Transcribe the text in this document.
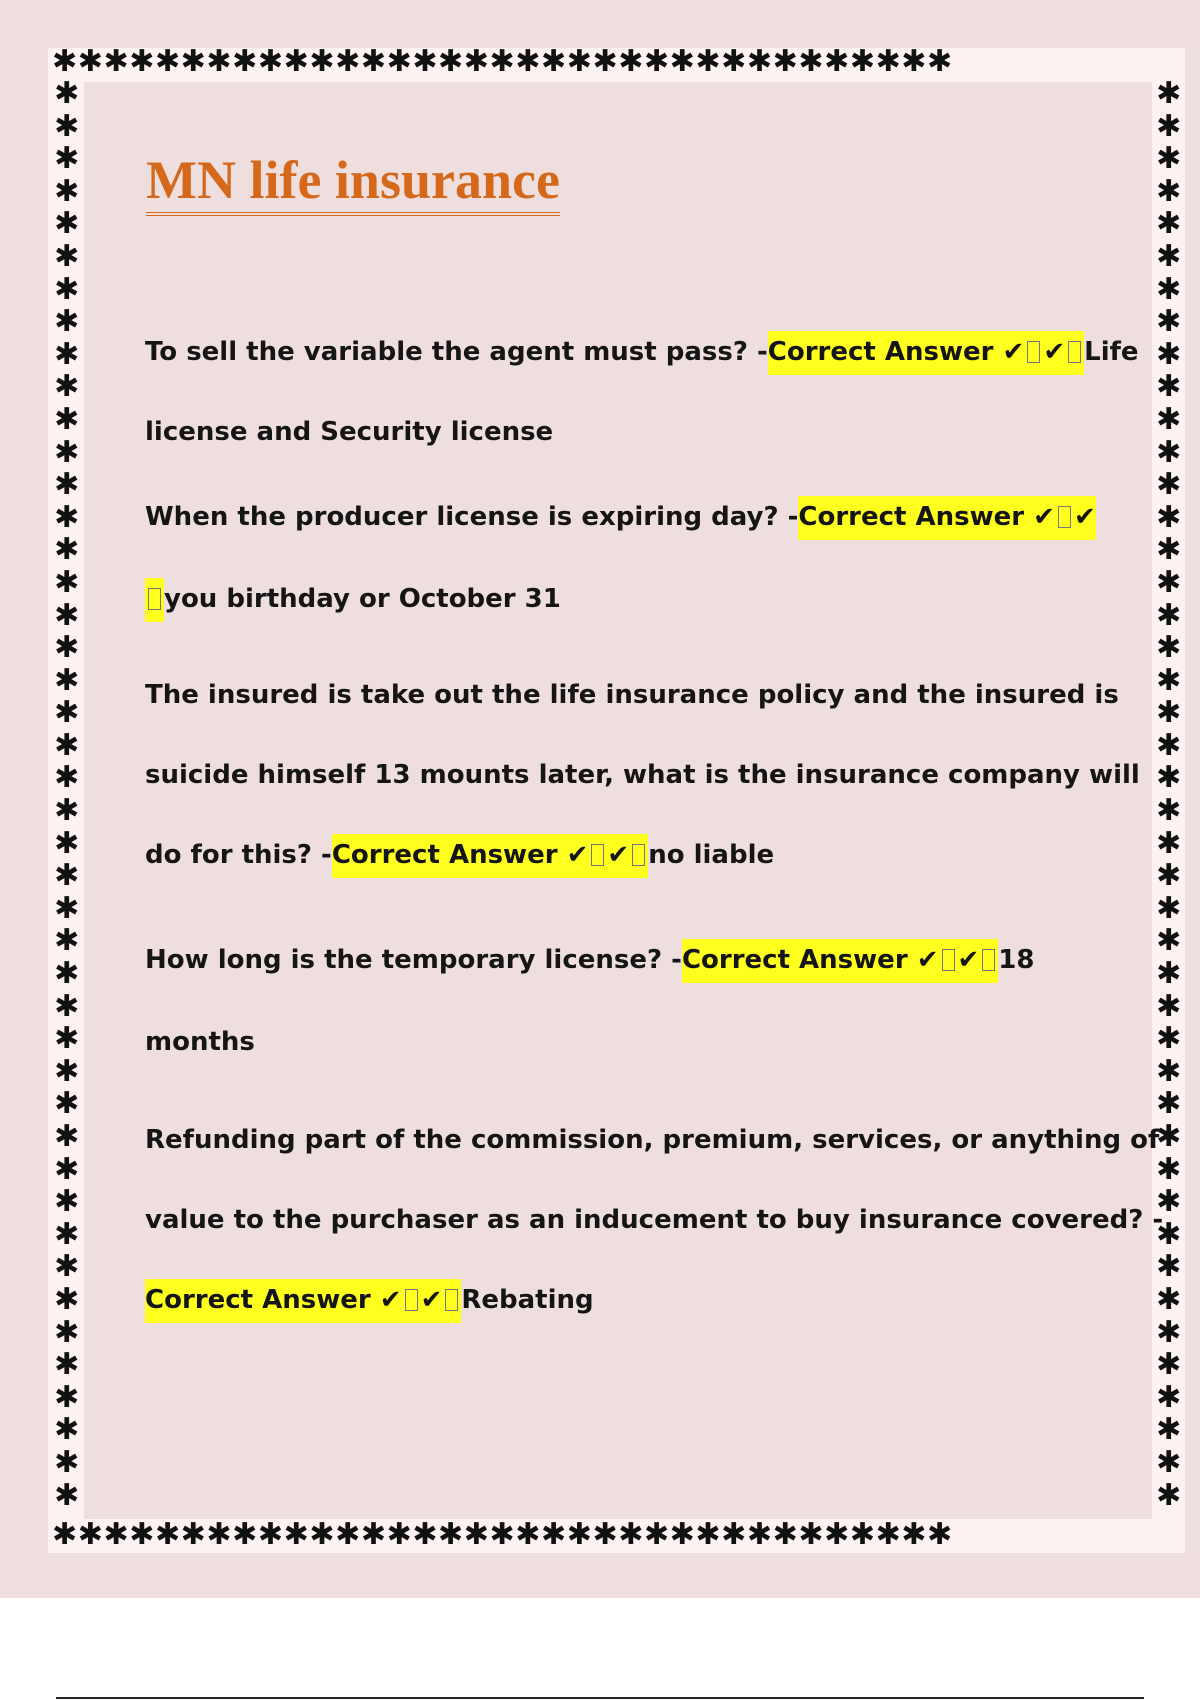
✱✱✱✱✱✱✱✱✱✱✱✱✱✱✱✱✱✱✱✱✱✱✱✱✱✱✱✱✱✱✱✱✱✱✱
✱✱✱✱✱✱✱✱✱✱✱✱✱✱✱✱✱✱✱✱✱✱✱✱✱✱✱✱✱✱✱✱✱✱✱
✱
✱
✱
✱
✱
✱
✱
✱
✱
✱
✱
✱
✱
✱
✱
✱
✱
✱
✱
✱
✱
✱
✱
✱
✱
✱
✱
✱
✱
✱
✱
✱
✱
✱
✱
✱
✱
✱
✱
✱
✱
✱
✱
✱
✱
✱
✱
✱
✱
✱
✱
✱
✱
✱
✱
✱
✱
✱
✱
✱
✱
✱
✱
✱
✱
✱
✱
✱
✱
✱
✱
✱
✱
✱
✱
✱
✱
✱
✱
✱
✱
✱
✱
✱
✱
✱
✱
✱
MN life insurance
To sell the variable the agent must pass? -Correct Answer ✔ ✔ Life
license and Security license
When the producer license is expiring day? -Correct Answer ✔ ✔
you birthday or October 31
The insured is take out the life insurance policy and the insured is
suicide himself 13 mounts later, what is the insurance company will
do for this? -Correct Answer ✔ ✔ no liable
How long is the temporary license? -Correct Answer ✔ ✔ 18
months
Refunding part of the commission, premium, services, or anything of
value to the purchaser as an inducement to buy insurance covered? -
Correct Answer ✔ ✔ Rebating
